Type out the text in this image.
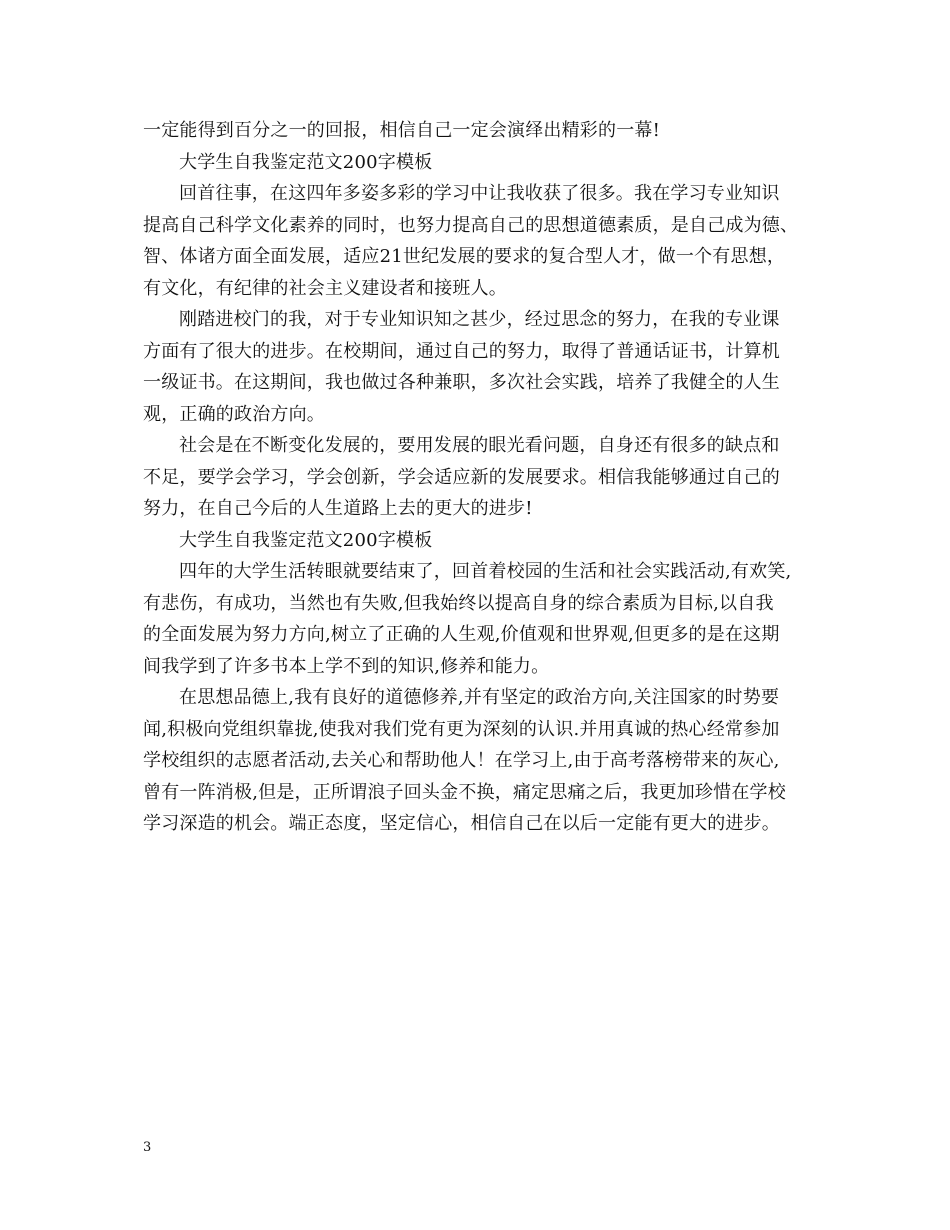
一定能得到百分之一的回报，相信自己一定会演绎出精彩的一幕!
大学生自我鉴定范文200字模板
回首往事，在这四年多姿多彩的学习中让我收获了很多。我在学习专业知识
提高自己科学文化素养的同时，也努力提高自己的思想道德素质，是自己成为德、
智、体诸方面全面发展，适应21世纪发展的要求的复合型人才，做一个有思想，
有文化，有纪律的社会主义建设者和接班人。
刚踏进校门的我，对于专业知识知之甚少，经过思念的努力，在我的专业课
方面有了很大的进步。在校期间，通过自己的努力，取得了普通话证书，计算机
一级证书。在这期间，我也做过各种兼职，多次社会实践，培养了我健全的人生
观，正确的政治方向。
社会是在不断变化发展的，要用发展的眼光看问题，自身还有很多的缺点和
不足，要学会学习，学会创新，学会适应新的发展要求。相信我能够通过自己的
努力，在自己今后的人生道路上去的更大的进步!
大学生自我鉴定范文200字模板
四年的大学生活转眼就要结束了，回首着校园的生活和社会实践活动,有欢笑,
有悲伤，有成功，当然也有失败,但我始终以提高自身的综合素质为目标,以自我
的全面发展为努力方向,树立了正确的人生观,价值观和世界观,但更多的是在这期
间我学到了许多书本上学不到的知识,修养和能力。
在思想品德上,我有良好的道德修养,并有坚定的政治方向,关注国家的时势要
闻,积极向党组织靠拢,使我对我们党有更为深刻的认识.并用真诚的热心经常参加
学校组织的志愿者活动,去关心和帮助他人！在学习上,由于高考落榜带来的灰心,
曾有一阵消极,但是，正所谓浪子回头金不换，痛定思痛之后，我更加珍惜在学校
学习深造的机会。端正态度，坚定信心，相信自己在以后一定能有更大的进步。
3
